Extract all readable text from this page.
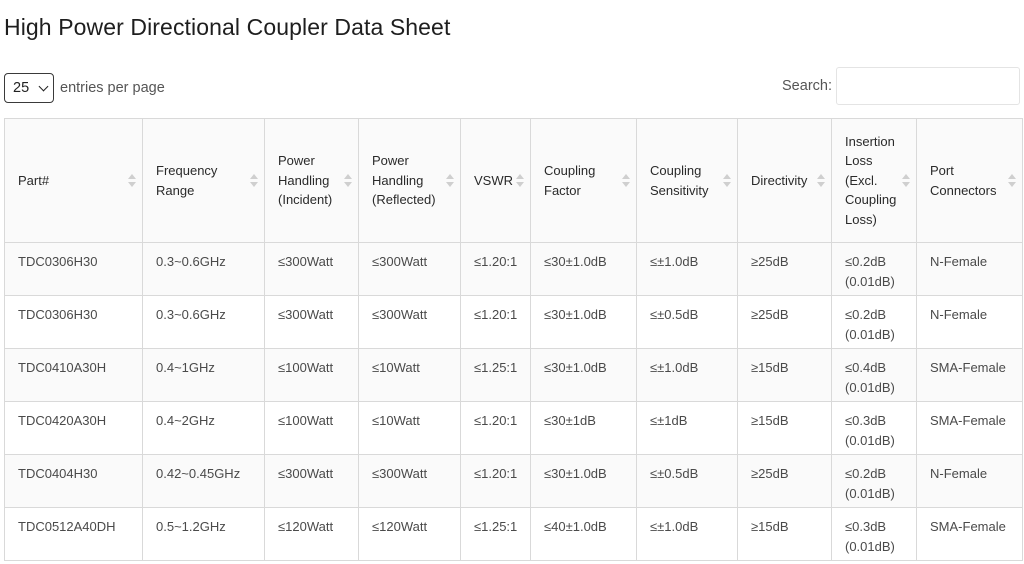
High Power Directional Coupler Data Sheet
25 entries per page	Search:
Part#	Frequency Range	Power Handling (Incident)	Power Handling (Reflected)	VSWR	Coupling Factor	Coupling Sensitivity	Directivity	Insertion Loss (Excl. Coupling Loss)	Port Connectors

TDC0306H30	0.3~0.6GHz	≤300Watt	≤300Watt	≤1.20:1	≤30±1.0dB	≤±1.0dB	≥25dB	≤0.2dB (0.01dB)	N-Female
TDC0306H30	0.3~0.6GHz	≤300Watt	≤300Watt	≤1.20:1	≤30±1.0dB	≤±0.5dB	≥25dB	≤0.2dB (0.01dB)	N-Female
TDC0410A30H	0.4~1GHz	≤100Watt	≤10Watt	≤1.25:1	≤30±1.0dB	≤±1.0dB	≥15dB	≤0.4dB (0.01dB)	SMA-Female
TDC0420A30H	0.4~2GHz	≤100Watt	≤10Watt	≤1.20:1	≤30±1dB	≤±1dB	≥15dB	≤0.3dB (0.01dB)	SMA-Female
TDC0404H30	0.42~0.45GHz	≤300Watt	≤300Watt	≤1.20:1	≤30±1.0dB	≤±0.5dB	≥25dB	≤0.2dB (0.01dB)	N-Female
TDC0512A40DH	0.5~1.2GHz	≤120Watt	≤120Watt	≤1.25:1	≤40±1.0dB	≤±1.0dB	≥15dB	≤0.3dB (0.01dB)	SMA-Female
